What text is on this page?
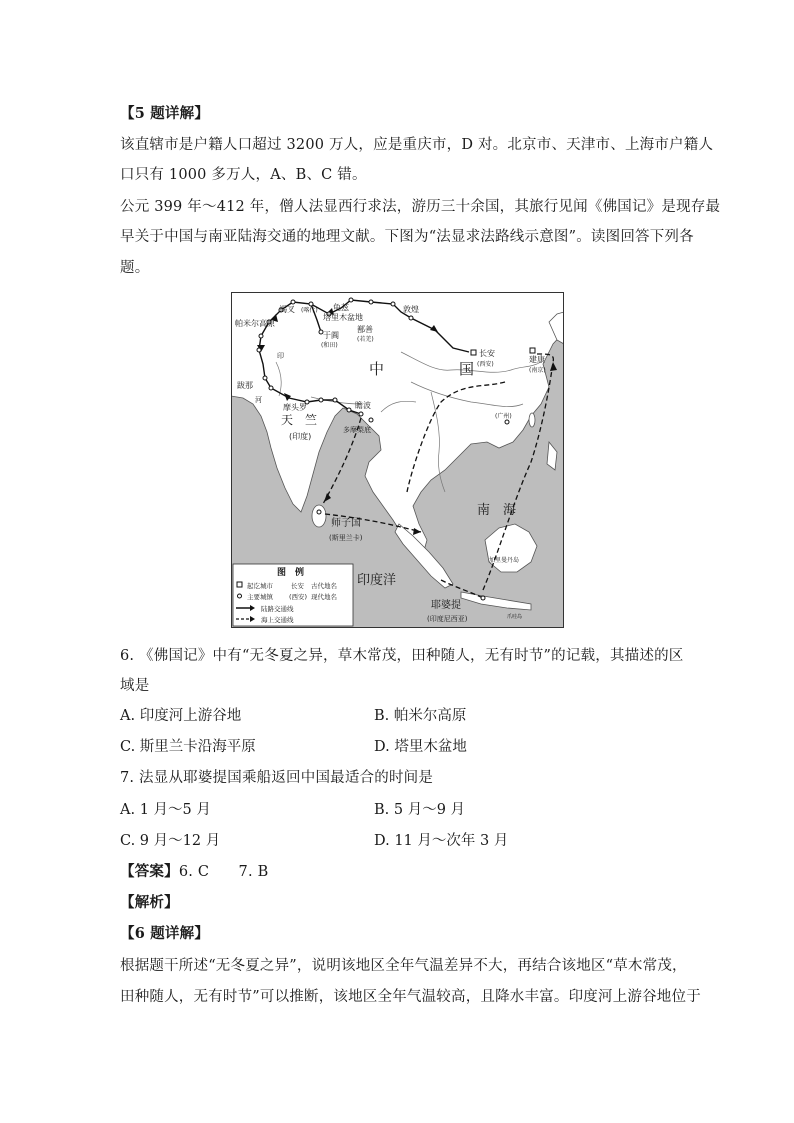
【5 题详解】
该直辖市是户籍人口超过 3200 万人，应是重庆市，D 对。北京市、天津市、上海市户籍人
口只有 1000 多万人，A、B、C 错。
公元 399 年～412 年，僧人法显西行求法，游历三十余国，其旅行见闻《佛国记》是现存最
早关于中国与南亚陆海交通的地理文献。下图为“法显求法路线示意图”。读图回答下列各
题。
中	国
天　竺
(印度)
师子国
(斯里兰卡)
耶婆提
(印度尼西亚)
印度洋
南　海
长安
(西安)
建康
(南京)
(广州)
敦煌
鄯善
(若羌)
龟兹
塔里木盆地
于阗
(和田)
竭叉 (喀什)
帕米尔高原
跋那
摩头罗	瞻波
多摩梨底
加里曼丹岛
爪哇岛
印
河
图　例
起讫城市	长安 古代地名
主要城镇 (西安) 现代地名
陆路交通线
海上交通线
6. 《佛国记》中有“无冬夏之异，草木常茂，田种随人，无有时节”的记载，其描述的区
域是
A. 印度河上游谷地	B. 帕米尔高原
C. 斯里兰卡沿海平原	D. 塔里木盆地
7. 法显从耶婆提国乘船返回中国最适合的时间是
A. 1 月～5 月	B. 5 月～9 月
C. 9 月～12 月	D. 11 月～次年 3 月
【答案】6. C　　7. B
【解析】
【6 题详解】
根据题干所述“无冬夏之异”，说明该地区全年气温差异不大，再结合该地区“草木常茂，
田种随人，无有时节”可以推断，该地区全年气温较高，且降水丰富。印度河上游谷地位于
